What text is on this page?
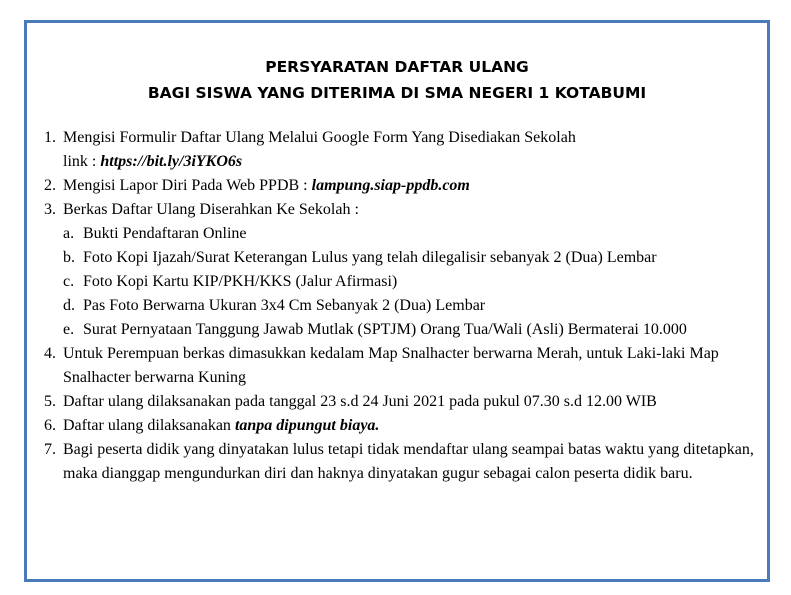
PERSYARATAN DAFTAR ULANG
BAGI SISWA YANG DITERIMA DI SMA NEGERI 1 KOTABUMI
1. Mengisi Formulir Daftar Ulang Melalui Google Form Yang Disediakan Sekolah
link : https://bit.ly/3iYKO6s
2. Mengisi Lapor Diri Pada Web PPDB : lampung.siap-ppdb.com
3. Berkas Daftar Ulang Diserahkan Ke Sekolah :
a. Bukti Pendaftaran Online
b. Foto Kopi Ijazah/Surat Keterangan Lulus yang telah dilegalisir sebanyak 2 (Dua) Lembar
c. Foto Kopi Kartu KIP/PKH/KKS (Jalur Afirmasi)
d. Pas Foto Berwarna Ukuran 3x4 Cm Sebanyak 2 (Dua) Lembar
e. Surat Pernyataan Tanggung Jawab Mutlak (SPTJM) Orang Tua/Wali (Asli) Bermaterai 10.000
4. Untuk Perempuan berkas dimasukkan kedalam Map Snalhacter berwarna Merah, untuk Laki-laki Map Snalhacter berwarna Kuning
5. Daftar ulang dilaksanakan pada tanggal 23 s.d 24 Juni 2021 pada pukul 07.30 s.d 12.00 WIB
6. Daftar ulang dilaksanakan tanpa dipungut biaya.
7. Bagi peserta didik yang dinyatakan lulus tetapi tidak mendaftar ulang seampai batas waktu yang ditetapkan, maka dianggap mengundurkan diri dan haknya dinyatakan gugur sebagai calon peserta didik baru.
